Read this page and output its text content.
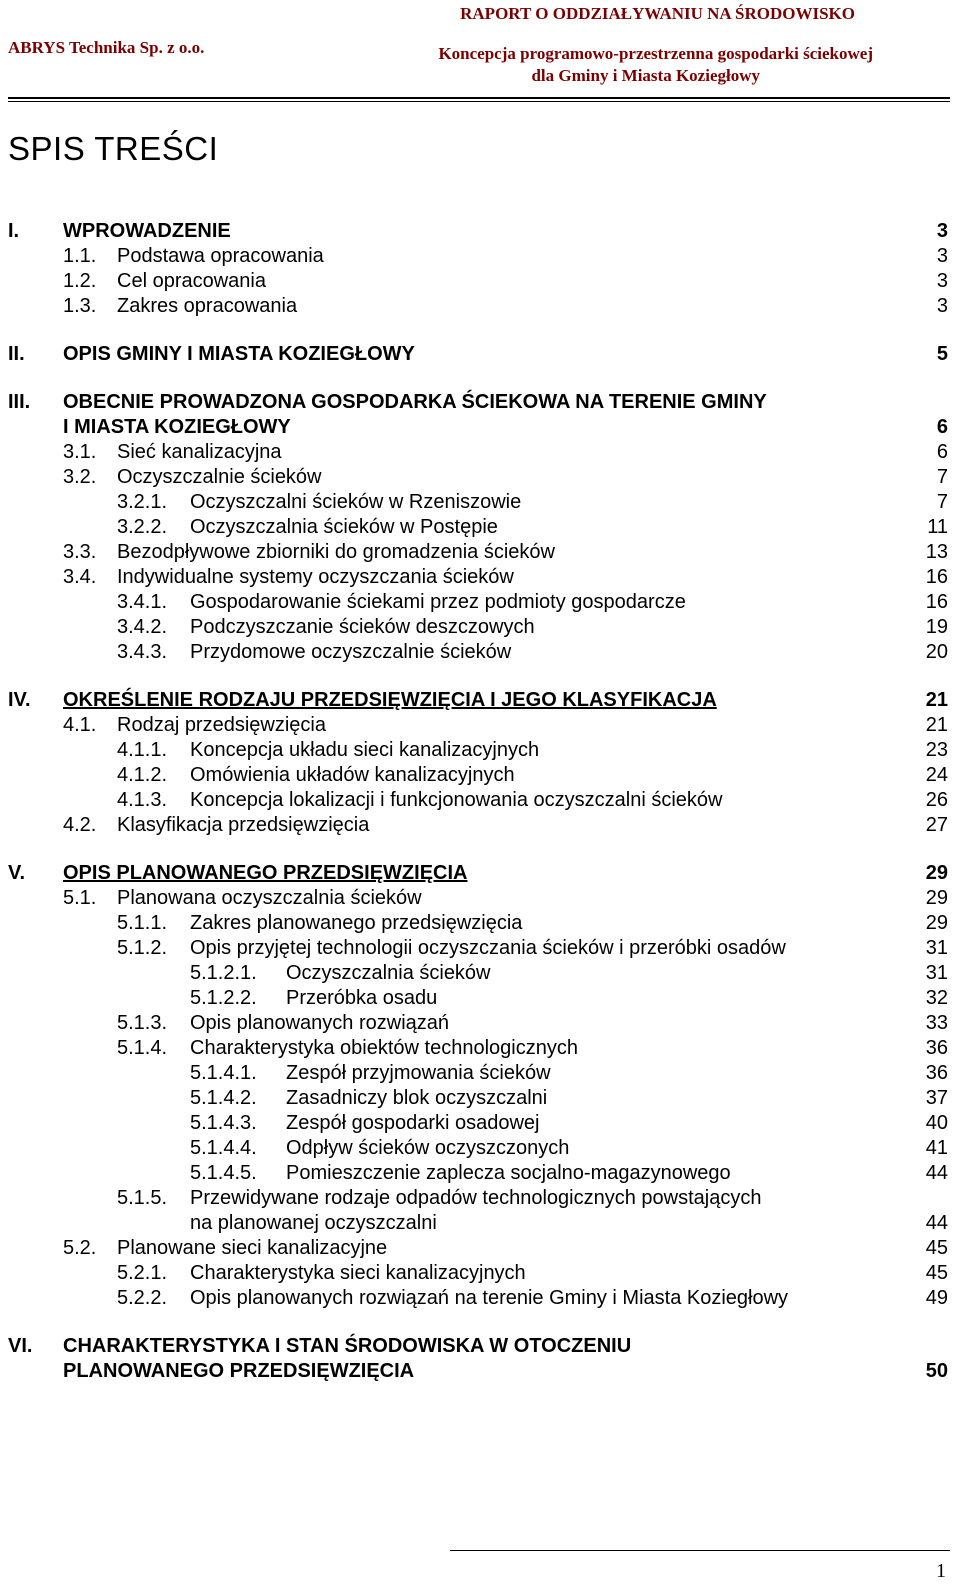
RAPORT O ODDZIAŁYWANIU NA ŚRODOWISKO
ABRYS Technika Sp. z o.o.	Koncepcja programowo-przestrzenna gospodarki ściekowej
dla Gminy i Miasta Koziegłowy
SPIS TREŚCI
I. WPROWADZENIE	3
1.1. Podstawa opracowania	3
1.2. Cel opracowania	3
1.3. Zakres opracowania	3
II. OPIS GMINY I MIASTA KOZIEGŁOWY	5
III. OBECNIE PROWADZONA GOSPODARKA ŚCIEKOWA NA TERENIE GMINY
I MIASTA KOZIEGŁOWY	6
3.1. Sieć kanalizacyjna	6
3.2. Oczyszczalnie ścieków	7
3.2.1. Oczyszczalni ścieków w Rzeniszowie	7
3.2.2. Oczyszczalnia ścieków w Postępie	11
3.3. Bezodpływowe zbiorniki do gromadzenia ścieków	13
3.4. Indywidualne systemy oczyszczania ścieków	16
3.4.1. Gospodarowanie ściekami przez podmioty gospodarcze	16
3.4.2. Podczyszczanie ścieków deszczowych	19
3.4.3. Przydomowe oczyszczalnie ścieków	20
IV. OKREŚLENIE RODZAJU PRZEDSIĘWZIĘCIA I JEGO KLASYFIKACJA	21
4.1. Rodzaj przedsięwzięcia	21
4.1.1. Koncepcja układu sieci kanalizacyjnych	23
4.1.2. Omówienia układów kanalizacyjnych	24
4.1.3. Koncepcja lokalizacji i funkcjonowania oczyszczalni ścieków	26
4.2. Klasyfikacja przedsięwzięcia	27
V. OPIS PLANOWANEGO PRZEDSIĘWZIĘCIA	29
5.1. Planowana oczyszczalnia ścieków	29
5.1.1. Zakres planowanego przedsięwzięcia	29
5.1.2. Opis przyjętej technologii oczyszczania ścieków i przeróbki osadów	31
5.1.2.1. Oczyszczalnia ścieków	31
5.1.2.2. Przeróbka osadu	32
5.1.3. Opis planowanych rozwiązań	33
5.1.4. Charakterystyka obiektów technologicznych	36
5.1.4.1. Zespół przyjmowania ścieków	36
5.1.4.2. Zasadniczy blok oczyszczalni	37
5.1.4.3. Zespół gospodarki osadowej	40
5.1.4.4. Odpływ ścieków oczyszczonych	41
5.1.4.5. Pomieszczenie zaplecza socjalno-magazynowego	44
5.1.5. Przewidywane rodzaje odpadów technologicznych powstających
na planowanej oczyszczalni	44
5.2. Planowane sieci kanalizacyjne	45
5.2.1. Charakterystyka sieci kanalizacyjnych	45
5.2.2. Opis planowanych rozwiązań na terenie Gminy i Miasta Koziegłowy	49
VI. CHARAKTERYSTYKA I STAN ŚRODOWISKA W OTOCZENIU
PLANOWANEGO PRZEDSIĘWZIĘCIA	50
1
